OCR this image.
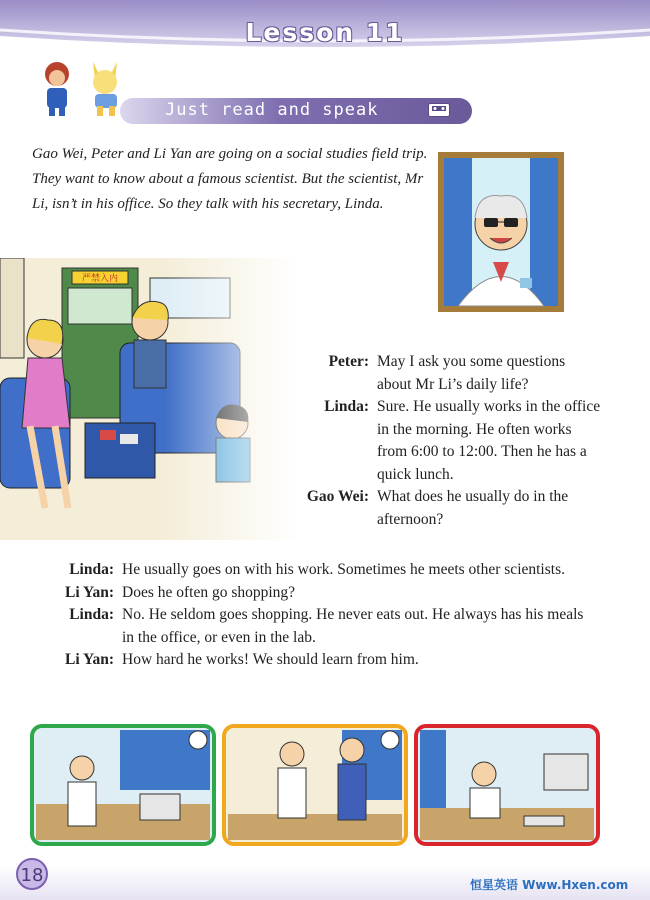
Lesson 11
Just read and speak

Gao Wei, Peter and Li Yan are going on a social studies field trip. They want to know about a famous scientist. But the scientist, Mr Li, isn’t in his office. So they talk with his secretary, Linda.

Peter: May I ask you some questions about Mr Li’s daily life?
Linda: Sure. He usually works in the office in the morning. He often works from 6:00 to 12:00. Then he has a quick lunch.
Gao Wei: What does he usually do in the afternoon?
Linda: He usually goes on with his work. Sometimes he meets other scientists.
Li Yan: Does he often go shopping?
Linda: No. He seldom goes shopping. He never eats out. He always has his meals in the office, or even in the lab.
Li Yan: How hard he works! We should learn from him.
18	恒星英语 Www.Hxen.com
